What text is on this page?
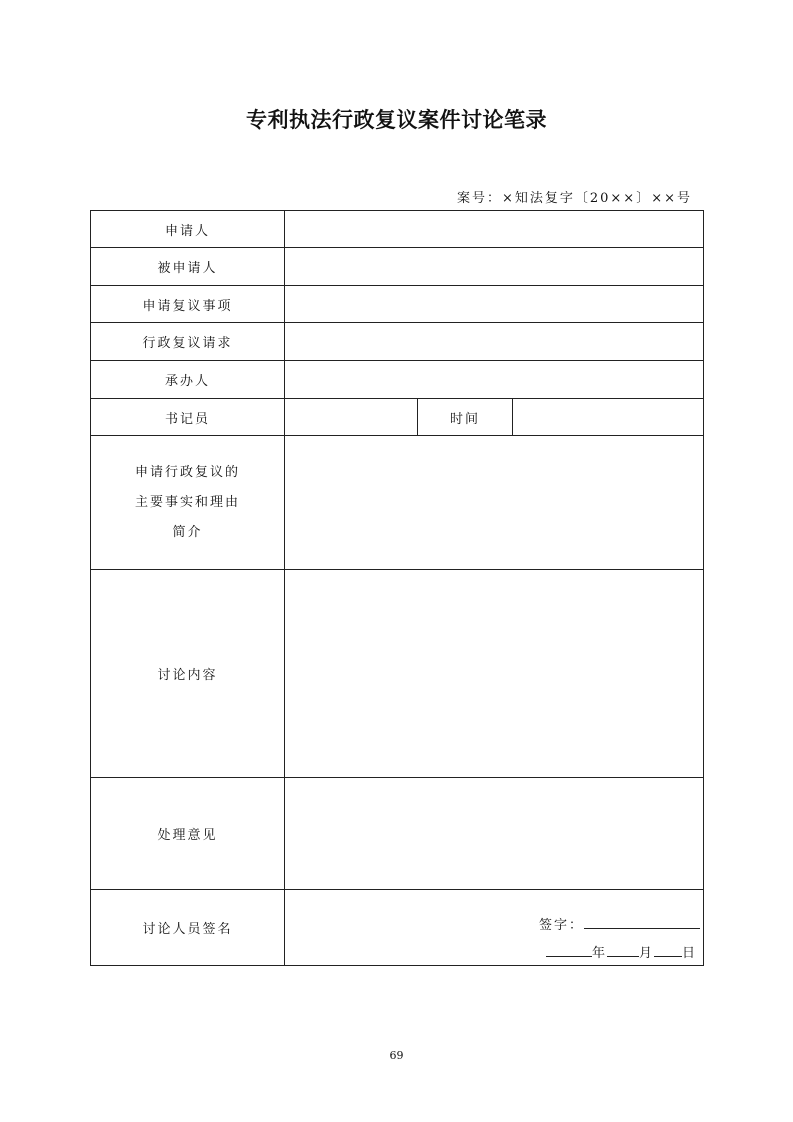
专利执法行政复议案件讨论笔录
案号：×知法复字〔20××〕××号
申请人			
被申请人			
申请复议事项			
行政复议请求			
承办人			
书记员		时间	

申请行政复议的
主要事实和理由
简介			

讨论内容			
处理意见			
讨论人员签名	签字：
年 月 日		
69
